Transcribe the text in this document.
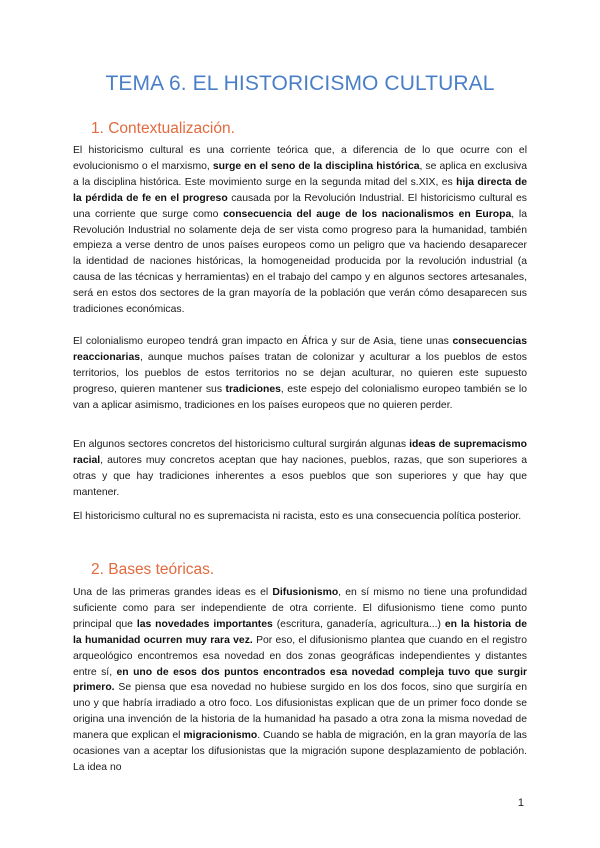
TEMA 6. EL HISTORICISMO CULTURAL
1. Contextualización.
El historicismo cultural es una corriente teórica que, a diferencia de lo que ocurre con el evolucionismo o el marxismo, surge en el seno de la disciplina histórica, se aplica en exclusiva a la disciplina histórica. Este movimiento surge en la segunda mitad del s.XIX, es hija directa de la pérdida de fe en el progreso causada por la Revolución Industrial. El historicismo cultural es una corriente que surge como consecuencia del auge de los nacionalismos en Europa, la Revolución Industrial no solamente deja de ser vista como progreso para la humanidad, también empieza a verse dentro de unos países europeos como un peligro que va haciendo desaparecer la identidad de naciones históricas, la homogeneidad producida por la revolución industrial (a causa de las técnicas y herramientas) en el trabajo del campo y en algunos sectores artesanales, será en estos dos sectores de la gran mayoría de la población que verán cómo desaparecen sus tradiciones económicas.
El colonialismo europeo tendrá gran impacto en África y sur de Asia, tiene unas consecuencias reaccionarias, aunque muchos países tratan de colonizar y aculturar a los pueblos de estos territorios, los pueblos de estos territorios no se dejan aculturar, no quieren este supuesto progreso, quieren mantener sus tradiciones, este espejo del colonialismo europeo también se lo van a aplicar asimismo, tradiciones en los países europeos que no quieren perder.
En algunos sectores concretos del historicismo cultural surgirán algunas ideas de supremacismo racial, autores muy concretos aceptan que hay naciones, pueblos, razas, que son superiores a otras y que hay tradiciones inherentes a esos pueblos que son superiores y que hay que mantener.
El historicismo cultural no es supremacista ni racista, esto es una consecuencia política posterior.
2. Bases teóricas.
Una de las primeras grandes ideas es el Difusionismo, en sí mismo no tiene una profundidad suficiente como para ser independiente de otra corriente. El difusionismo tiene como punto principal que las novedades importantes (escritura, ganadería, agricultura...) en la historia de la humanidad ocurren muy rara vez. Por eso, el difusionismo plantea que cuando en el registro arqueológico encontremos esa novedad en dos zonas geográficas independientes y distantes entre sí, en uno de esos dos puntos encontrados esa novedad compleja tuvo que surgir primero. Se piensa que esa novedad no hubiese surgido en los dos focos, sino que surgiría en uno y que habría irradiado a otro foco. Los difusionistas explican que de un primer foco donde se origina una invención de la historia de la humanidad ha pasado a otra zona la misma novedad de manera que explican el migracionismo. Cuando se habla de migración, en la gran mayoría de las ocasiones van a aceptar los difusionistas que la migración supone desplazamiento de población. La idea no
1
